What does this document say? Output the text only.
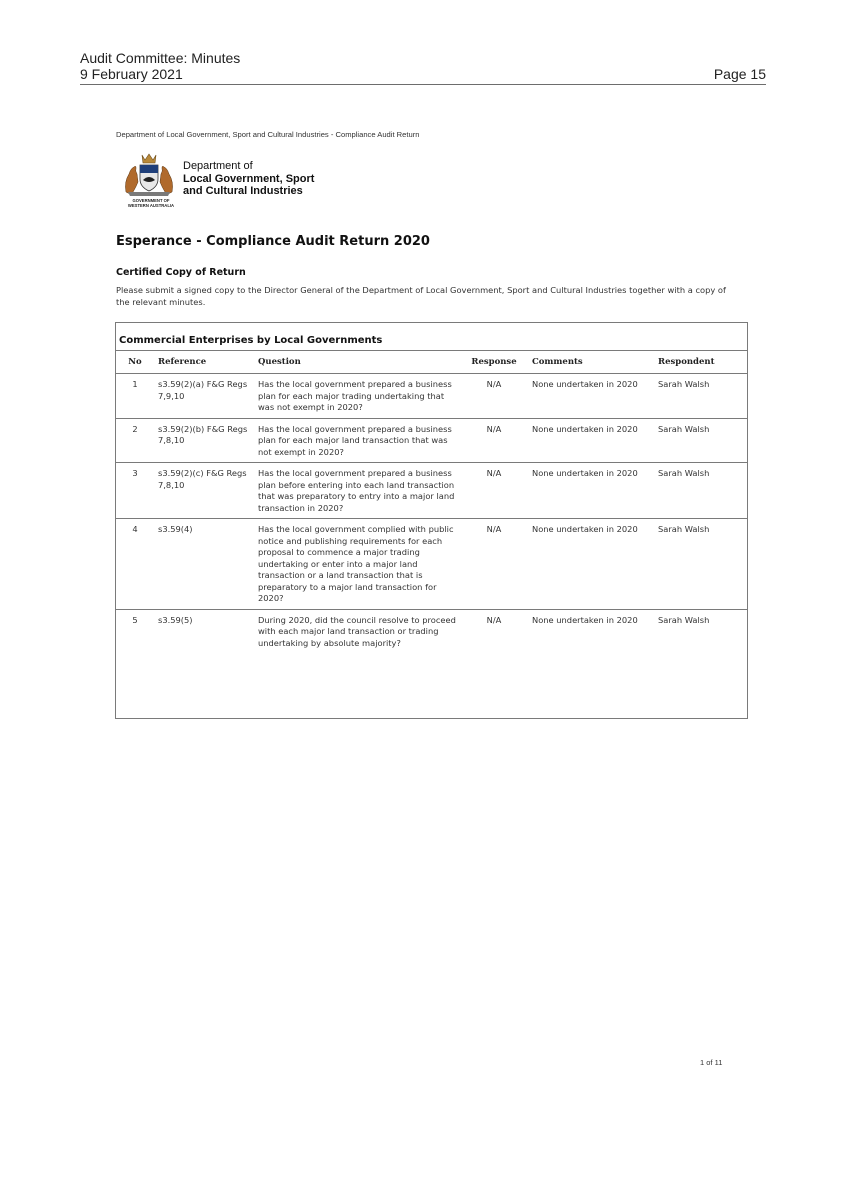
Audit Committee: Minutes
9 February 2021	Page 15
Department of Local Government, Sport and Cultural Industries - Compliance Audit Return
GOVERNMENT OF
WESTERN AUSTRALIA
Department of
Local Government, Sport
and Cultural Industries
Esperance - Compliance Audit Return 2020
Certified Copy of Return

Please submit a signed copy to the Director General of the Department of Local Government, Sport and Cultural Industries together with a copy of the relevant minutes.

Commercial Enterprises by Local Governments
No	Reference	Question	Response	Comments	Respondent
1	s3.59(2)(a) F&G Regs 7,9,10	Has the local government prepared a business plan for each major trading undertaking that was not exempt in 2020?	N/A	None undertaken in 2020	Sarah Walsh
2	s3.59(2)(b) F&G Regs 7,8,10	Has the local government prepared a business plan for each major land transaction that was not exempt in 2020?	N/A	None undertaken in 2020	Sarah Walsh
3	s3.59(2)(c) F&G Regs 7,8,10	Has the local government prepared a business plan before entering into each land transaction that was preparatory to entry into a major land transaction in 2020?	N/A	None undertaken in 2020	Sarah Walsh
4	s3.59(4)	Has the local government complied with public notice and publishing requirements for each proposal to commence a major trading undertaking or enter into a major land transaction or a land transaction that is preparatory to a major land transaction for 2020?	N/A	None undertaken in 2020	Sarah Walsh
5	s3.59(5)	During 2020, did the council resolve to proceed with each major land transaction or trading undertaking by absolute majority?	N/A	None undertaken in 2020	Sarah Walsh
1 of 11
